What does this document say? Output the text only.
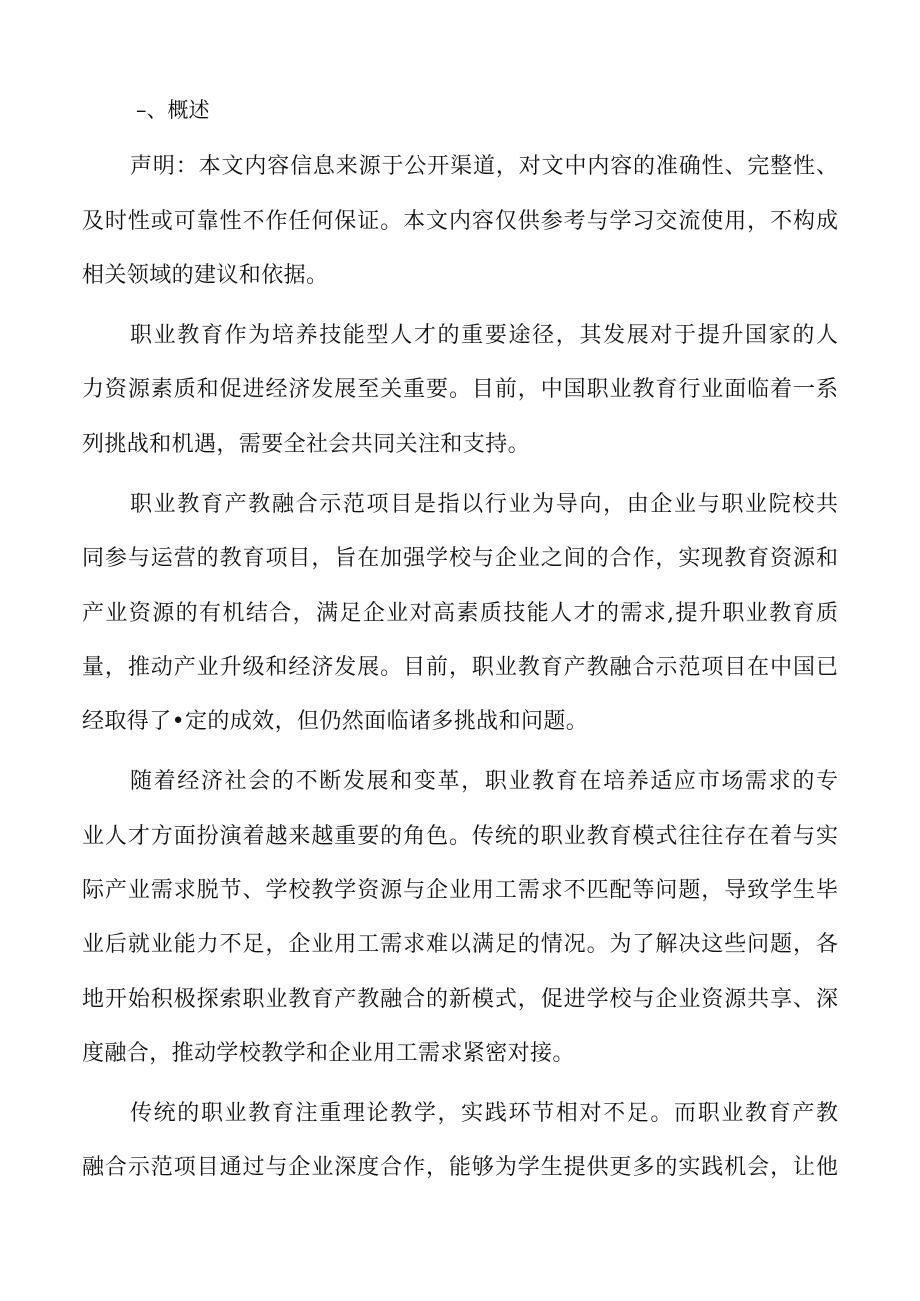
–、概述
声明：本文内容信息来源于公开渠道，对文中内容的准确性、完整性、
及时性或可靠性不作任何保证。本文内容仅供参考与学习交流使用，不构成
相关领域的建议和依据。
职业教育作为培养技能型人才的重要途径，其发展对于提升国家的人
力资源素质和促进经济发展至关重要。目前，中国职业教育行业面临着一系
列挑战和机遇，需要全社会共同关注和支持。
职业教育产教融合示范项目是指以行业为导向，由企业与职业院校共
同参与运营的教育项目，旨在加强学校与企业之间的合作，实现教育资源和
产业资源的有机结合，满足企业对高素质技能人才的需求,提升职业教育质
量，推动产业升级和经济发展。目前，职业教育产教融合示范项目在中国已
经取得了•定的成效，但仍然面临诸多挑战和问题。
随着经济社会的不断发展和变革，职业教育在培养适应市场需求的专
业人才方面扮演着越来越重要的角色。传统的职业教育模式往往存在着与实
际产业需求脱节、学校教学资源与企业用工需求不匹配等问题，导致学生毕
业后就业能力不足，企业用工需求难以满足的情况。为了解决这些问题，各
地开始积极探索职业教育产教融合的新模式，促进学校与企业资源共享、深
度融合，推动学校教学和企业用工需求紧密对接。
传统的职业教育注重理论教学，实践环节相对不足。而职业教育产教
融合示范项目通过与企业深度合作，能够为学生提供更多的实践机会，让他
